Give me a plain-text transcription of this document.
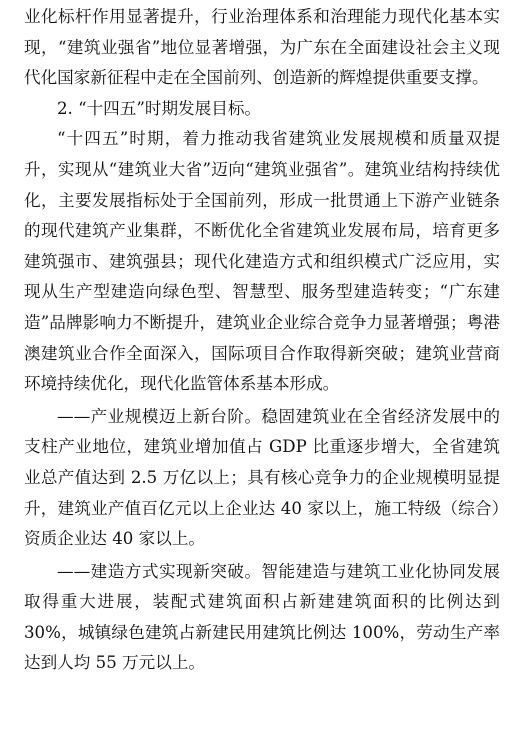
业化标杆作用显著提升，行业治理体系和治理能力现代化基本实现，“建筑业强省”地位显著增强，为广东在全面建设社会主义现代化国家新征程中走在全国前列、创造新的辉煌提供重要支撑。

2. “十四五”时期发展目标。

“十四五”时期，着力推动我省建筑业发展规模和质量双提升，实现从“建筑业大省”迈向“建筑业强省”。建筑业结构持续优化，主要发展指标处于全国前列，形成一批贯通上下游产业链条的现代建筑产业集群，不断优化全省建筑业发展布局，培育更多建筑强市、建筑强县；现代化建造方式和组织模式广泛应用，实现从生产型建造向绿色型、智慧型、服务型建造转变；“广东建造”品牌影响力不断提升，建筑业企业综合竞争力显著增强；粤港澳建筑业合作全面深入，国际项目合作取得新突破；建筑业营商环境持续优化，现代化监管体系基本形成。

——产业规模迈上新台阶。稳固建筑业在全省经济发展中的支柱产业地位，建筑业增加值占 GDP 比重逐步增大，全省建筑业总产值达到 2.5 万亿以上；具有核心竞争力的企业规模明显提升，建筑业产值百亿元以上企业达 40 家以上，施工特级（综合）资质企业达 40 家以上。

——建造方式实现新突破。智能建造与建筑工业化协同发展取得重大进展，装配式建筑面积占新建建筑面积的比例达到 30%，城镇绿色建筑占新建民用建筑比例达 100%，劳动生产率达到人均 55 万元以上。
